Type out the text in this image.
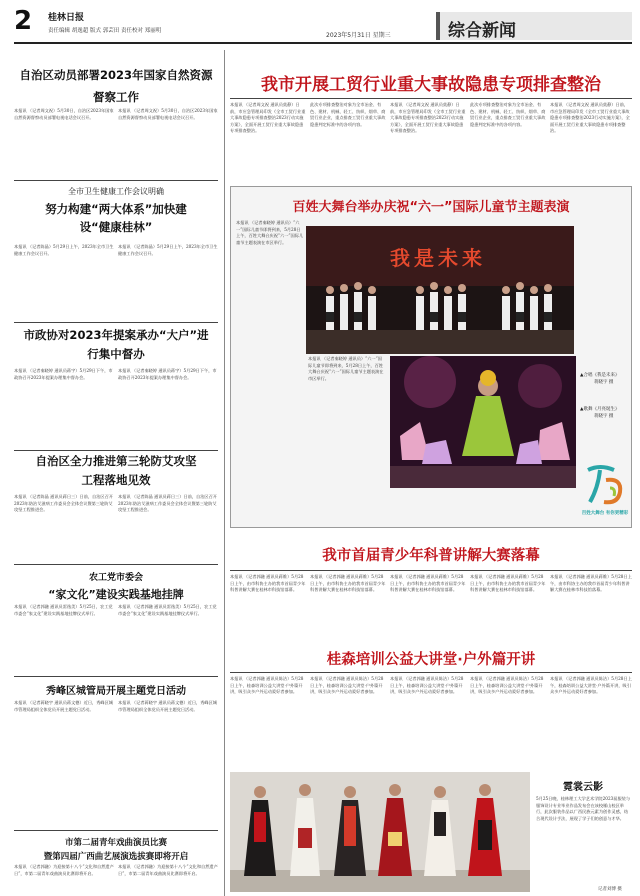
2 桂林日报
责任编辑 胡逸超 版式 郭芸田 责任校对 郑丽明
2023年5月31日 星期三	综合新闻
自治区动员部署2023年国家自然资源督察工作
本报讯 （记者周文祝）5月30日，自治区2023年国家自然资源督察动员部署电视电话会议召开。
本报讯 （记者周文祝）5月30日，自治区2023年国家自然资源督察动员部署电视电话会议召开。
全市卫生健康工作会议明确
努力构建“两大体系”加快建设“健康桂林”
本报讯 （记者陈晶）5月29日上午，2023年全市卫生健康工作会议召开。
本报讯 （记者陈晶）5月29日上午，2023年全市卫生健康工作会议召开。
市政协对2023年提案承办“大户”进行集中督办
本报讯 （记者秦晓婷 通讯员蒋宇）5月29日下午，市政协召开2023年提案办理集中督办会。
本报讯 （记者秦晓婷 通讯员蒋宇）5月29日下午，市政协召开2023年提案办理集中督办会。
自治区全力推进第三轮防艾攻坚工程落地见效
本报讯 （记者陈晶 通讯员蒋日三）日前，自治区召开2023年防治艾滋病工作委员会全体会议暨第三轮防艾攻坚工程推进会。
本报讯 （记者陈晶 通讯员蒋日三）日前，自治区召开2023年防治艾滋病工作委员会全体会议暨第三轮防艾攻坚工程推进会。
农工党市委会
“家文化”建设实践基地挂牌
本报讯 （记者郭融 通讯员雷逸美）5月25日，农工党市委会“家文化”建设实践基地挂牌仪式举行。
本报讯 （记者郭融 通讯员雷逸美）5月25日，农工党市委会“家文化”建设实践基地挂牌仪式举行。
秀峰区城管局开展主题党日活动
本报讯 （记者蒋晓宇 通讯员蒋文德）近日，秀峰区城市管理局组织全体党员开展主题党日活动。
本报讯 （记者蒋晓宇 通讯员蒋文德）近日，秀峰区城市管理局组织全体党员开展主题党日活动。
市第二届青年戏曲演员比赛
暨第四届广西曲艺展演选拔赛即将开启
本报讯 （记者郭融）为迎接第十八个“文化和自然遗产日”，市第二届青年戏曲演员比赛即将开启。
本报讯 （记者郭融）为迎接第十八个“文化和自然遗产日”，市第二届青年戏曲演员比赛即将开启。
我市开展工贸行业重大事故隐患专项排查整治
本报讯 （记者周文祝 通讯员莫静）日前，市应急管理局印发《全市工贸行业重大事故隐患专项排查整治2023行动实施方案》，全面开展工贸行业重大事故隐患专项排查整治。
此次专项排查整治对象为全市冶金、有色、建材、机械、轻工、纺织、烟草、商贸行业企业，重点排查工贸行业重大事故隐患判定标准中的各项内容。
本报讯 （记者周文祝 通讯员莫静）日前，市应急管理局印发《全市工贸行业重大事故隐患专项排查整治2023行动实施方案》，全面开展工贸行业重大事故隐患专项排查整治。
此次专项排查整治对象为全市冶金、有色、建材、机械、轻工、纺织、烟草、商贸行业企业，重点排查工贸行业重大事故隐患判定标准中的各项内容。
本报讯 （记者周文祝 通讯员莫静）日前，市应急管理局印发《全市工贸行业重大事故隐患专项排查整治2023行动实施方案》，全面开展工贸行业重大事故隐患专项排查整治。
百姓大舞台举办庆祝“六一”国际儿童节主题表演
本报讯 （记者秦晓婷 通讯员）“六一”国际儿童节即将到来，5月28日上午，百姓大舞台庆祝“六一”国际儿童节主题表演在市区举行。
本报讯 （记者秦晓婷 通讯员）“六一”国际儿童节即将到来，5月28日上午，百姓大舞台庆祝“六一”国际儿童节主题表演在市区举行。
我是未来
▲合唱《我是未来》
蒋晓宇 摄
▲歌舞《月亮诞生》
蒋晓宇 摄
百姓大舞台 有你更精彩
我市首届青少年科普讲解大赛落幕
本报讯 （记者郭融 通讯员蒋维）5月28日上午，由市科协主办的我市首届青少年科普讲解大赛在桂林市科技馆落幕。
本报讯 （记者郭融 通讯员蒋维）5月28日上午，由市科协主办的我市首届青少年科普讲解大赛在桂林市科技馆落幕。
本报讯 （记者郭融 通讯员蒋维）5月28日上午，由市科协主办的我市首届青少年科普讲解大赛在桂林市科技馆落幕。
本报讯 （记者郭融 通讯员蒋维）5月28日上午，由市科协主办的我市首届青少年科普讲解大赛在桂林市科技馆落幕。
本报讯 （记者郭融 通讯员蒋维）5月28日上午，由市科协主办的我市首届青少年科普讲解大赛在桂林市科技馆落幕。
桂森培训公益大讲堂·户外篇开讲
本报讯 （记者郭融 通讯员陈洁）5月28日上午，桂森培训公益大讲堂·户外篇开讲，吸引众多户外运动爱好者参加。
本报讯 （记者郭融 通讯员陈洁）5月28日上午，桂森培训公益大讲堂·户外篇开讲，吸引众多户外运动爱好者参加。
本报讯 （记者郭融 通讯员陈洁）5月28日上午，桂森培训公益大讲堂·户外篇开讲，吸引众多户外运动爱好者参加。
本报讯 （记者郭融 通讯员陈洁）5月28日上午，桂森培训公益大讲堂·户外篇开讲，吸引众多户外运动爱好者参加。
本报讯 （记者郭融 通讯员陈洁）5月28日上午，桂森培训公益大讲堂·户外篇开讲，吸引众多户外运动爱好者参加。
霓裳云影
5月25日晚，桂林理工大学艺术学院2023届服装与服饰设计专业毕业作品发布会在该校雁山校区举行，此次服装作品以广西民族元素为创作灵感，结合现代设计手法，展现了学子们的创意与才华。
记者刘博 摄
